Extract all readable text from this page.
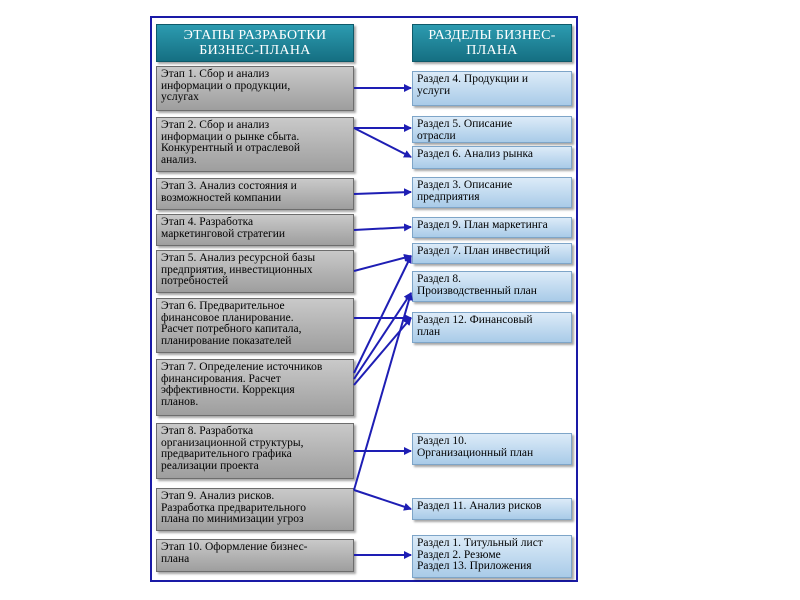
ЭТАПЫ РАЗРАБОТКИ
БИЗНЕС-ПЛАНА
РАЗДЕЛЫ БИЗНЕС-
ПЛАНА
Этап 1. Сбор и анализ
информации о продукции,
услугах
Этап 2. Сбор и анализ
информации о рынке сбыта.
Конкурентный и отраслевой
анализ.
Этап 3. Анализ состояния и
возможностей компании
Этап 4. Разработка
маркетинговой стратегии
Этап 5. Анализ ресурсной базы
предприятия, инвестиционных
потребностей
Этап 6. Предварительное
финансовое планирование.
Расчет потребного капитала,
планирование показателей
Этап 7. Определение источников
финансирования. Расчет
эффективности. Коррекция
планов.
Этап 8. Разработка
организационной структуры,
предварительного графика
реализации проекта
Этап 9. Анализ рисков.
Разработка предварительного
плана по минимизации угроз
Этап 10. Оформление бизнес-
плана
Раздел 4. Продукции и
услуги
Раздел 5. Описание
отрасли
Раздел 6. Анализ рынка
Раздел 3. Описание
предприятия
Раздел 9. План маркетинга
Раздел 7. План инвестиций
Раздел 8.
Производственный план
Раздел 12. Финансовый
план
Раздел 10.
Организационный план
Раздел 11. Анализ рисков
Раздел 1. Титульный лист
Раздел 2. Резюме
Раздел 13. Приложения
